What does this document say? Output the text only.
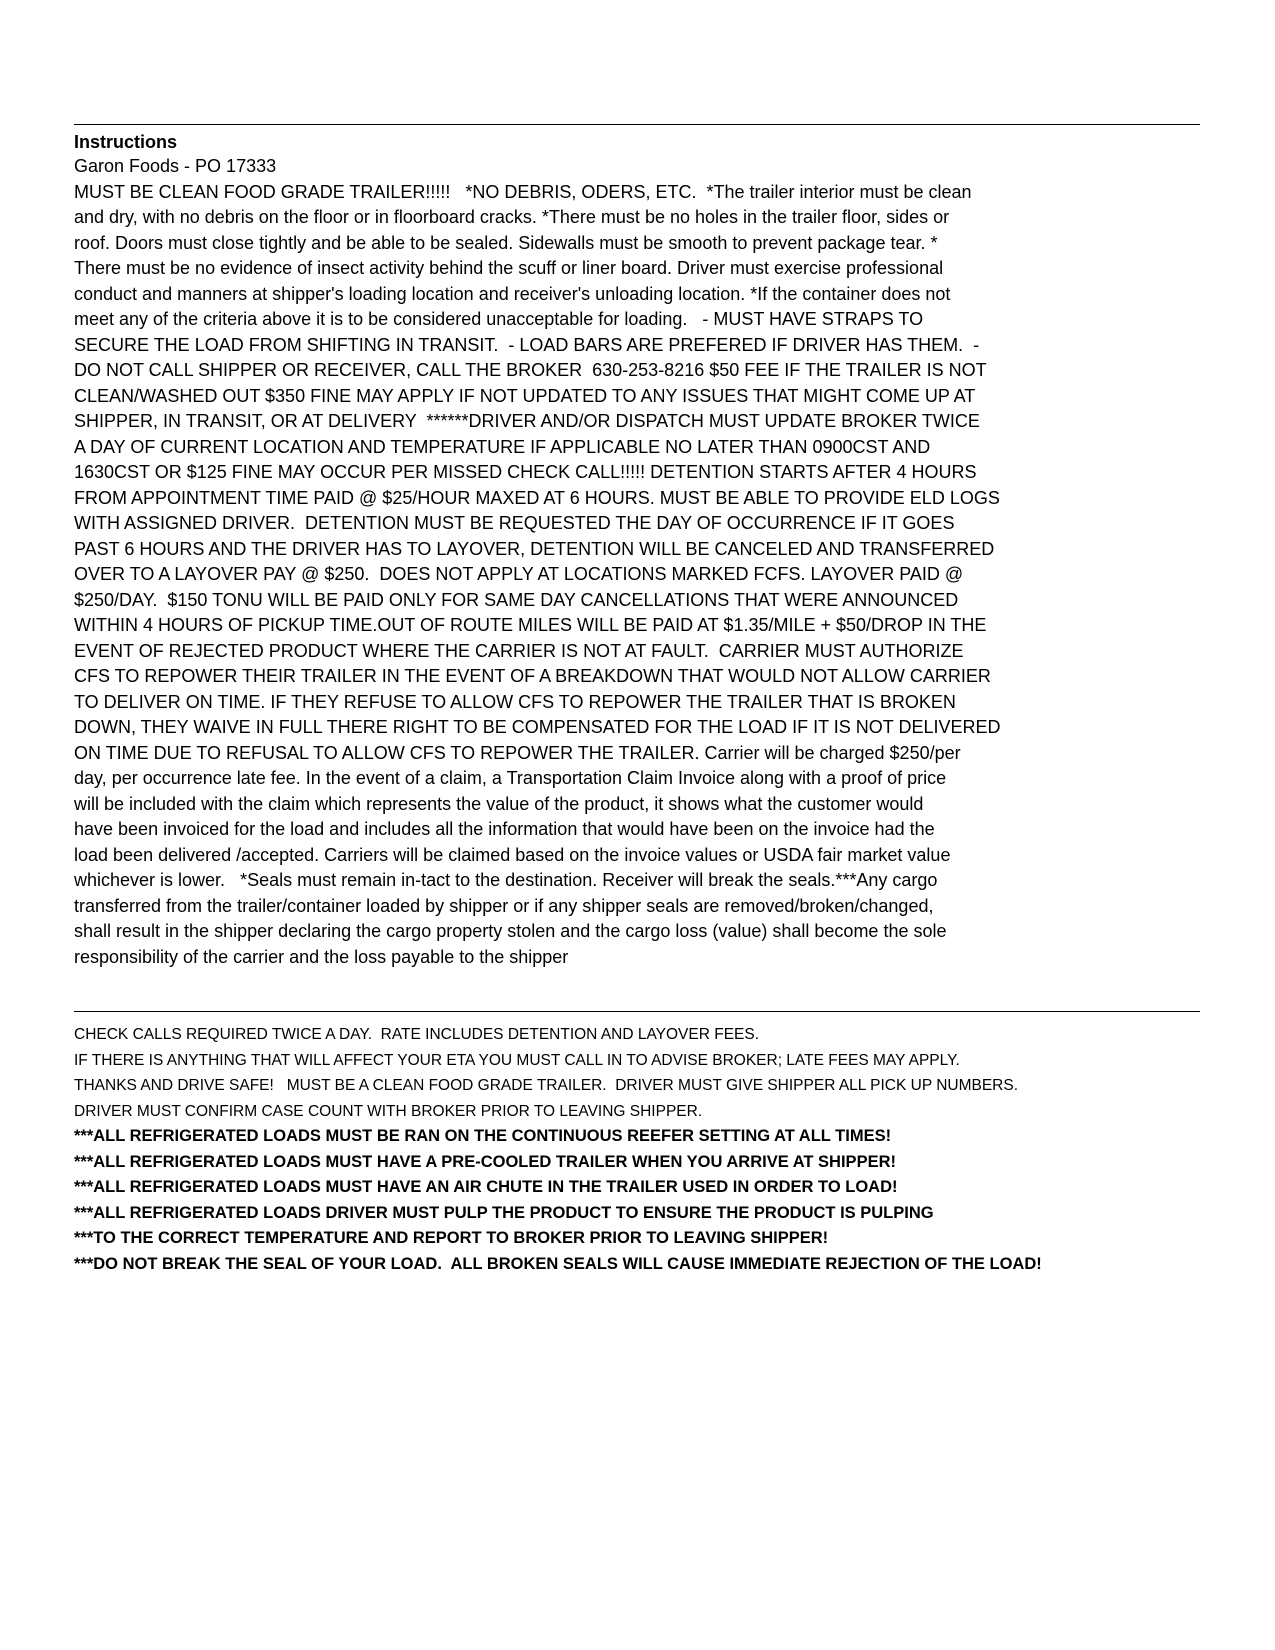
Instructions

Garon Foods - PO 17333

MUST BE CLEAN FOOD GRADE TRAILER!!!!!   *NO DEBRIS, ODERS, ETC.  *The trailer interior must be clean

and dry, with no debris on the floor or in floorboard cracks. *There must be no holes in the trailer floor, sides or

roof. Doors must close tightly and be able to be sealed. Sidewalls must be smooth to prevent package tear. *

There must be no evidence of insect activity behind the scuff or liner board. Driver must exercise professional

conduct and manners at shipper's loading location and receiver's unloading location. *If the container does not

meet any of the criteria above it is to be considered unacceptable for loading.   - MUST HAVE STRAPS TO

SECURE THE LOAD FROM SHIFTING IN TRANSIT.  - LOAD BARS ARE PREFERED IF DRIVER HAS THEM.  -

DO NOT CALL SHIPPER OR RECEIVER, CALL THE BROKER  630-253-8216 $50 FEE IF THE TRAILER IS NOT

CLEAN/WASHED OUT $350 FINE MAY APPLY IF NOT UPDATED TO ANY ISSUES THAT MIGHT COME UP AT

SHIPPER, IN TRANSIT, OR AT DELIVERY  ******DRIVER AND/OR DISPATCH MUST UPDATE BROKER TWICE

A DAY OF CURRENT LOCATION AND TEMPERATURE IF APPLICABLE NO LATER THAN 0900CST AND

1630CST OR $125 FINE MAY OCCUR PER MISSED CHECK CALL!!!!! DETENTION STARTS AFTER 4 HOURS

FROM APPOINTMENT TIME PAID @ $25/HOUR MAXED AT 6 HOURS. MUST BE ABLE TO PROVIDE ELD LOGS

WITH ASSIGNED DRIVER.  DETENTION MUST BE REQUESTED THE DAY OF OCCURRENCE IF IT GOES

PAST 6 HOURS AND THE DRIVER HAS TO LAYOVER, DETENTION WILL BE CANCELED AND TRANSFERRED

OVER TO A LAYOVER PAY @ $250.  DOES NOT APPLY AT LOCATIONS MARKED FCFS. LAYOVER PAID @

$250/DAY.  $150 TONU WILL BE PAID ONLY FOR SAME DAY CANCELLATIONS THAT WERE ANNOUNCED

WITHIN 4 HOURS OF PICKUP TIME.OUT OF ROUTE MILES WILL BE PAID AT $1.35/MILE + $50/DROP IN THE

EVENT OF REJECTED PRODUCT WHERE THE CARRIER IS NOT AT FAULT.  CARRIER MUST AUTHORIZE

CFS TO REPOWER THEIR TRAILER IN THE EVENT OF A BREAKDOWN THAT WOULD NOT ALLOW CARRIER

TO DELIVER ON TIME. IF THEY REFUSE TO ALLOW CFS TO REPOWER THE TRAILER THAT IS BROKEN

DOWN, THEY WAIVE IN FULL THERE RIGHT TO BE COMPENSATED FOR THE LOAD IF IT IS NOT DELIVERED

ON TIME DUE TO REFUSAL TO ALLOW CFS TO REPOWER THE TRAILER. Carrier will be charged $250/per

day, per occurrence late fee. In the event of a claim, a Transportation Claim Invoice along with a proof of price

will be included with the claim which represents the value of the product, it shows what the customer would

have been invoiced for the load and includes all the information that would have been on the invoice had the

load been delivered /accepted. Carriers will be claimed based on the invoice values or USDA fair market value

whichever is lower.   *Seals must remain in-tact to the destination. Receiver will break the seals.***Any cargo

transferred from the trailer/container loaded by shipper or if any shipper seals are removed/broken/changed,

shall result in the shipper declaring the cargo property stolen and the cargo loss (value) shall become the sole

responsibility of the carrier and the loss payable to the shipper

CHECK CALLS REQUIRED TWICE A DAY.  RATE INCLUDES DETENTION AND LAYOVER FEES.

IF THERE IS ANYTHING THAT WILL AFFECT YOUR ETA YOU MUST CALL IN TO ADVISE BROKER; LATE FEES MAY APPLY.

THANKS AND DRIVE SAFE!   MUST BE A CLEAN FOOD GRADE TRAILER.  DRIVER MUST GIVE SHIPPER ALL PICK UP NUMBERS.

DRIVER MUST CONFIRM CASE COUNT WITH BROKER PRIOR TO LEAVING SHIPPER.

***ALL REFRIGERATED LOADS MUST BE RAN ON THE CONTINUOUS REEFER SETTING AT ALL TIMES!

***ALL REFRIGERATED LOADS MUST HAVE A PRE-COOLED TRAILER WHEN YOU ARRIVE AT SHIPPER!

***ALL REFRIGERATED LOADS MUST HAVE AN AIR CHUTE IN THE TRAILER USED IN ORDER TO LOAD!

***ALL REFRIGERATED LOADS DRIVER MUST PULP THE PRODUCT TO ENSURE THE PRODUCT IS PULPING

***TO THE CORRECT TEMPERATURE AND REPORT TO BROKER PRIOR TO LEAVING SHIPPER!

***DO NOT BREAK THE SEAL OF YOUR LOAD.  ALL BROKEN SEALS WILL CAUSE IMMEDIATE REJECTION OF THE LOAD!
